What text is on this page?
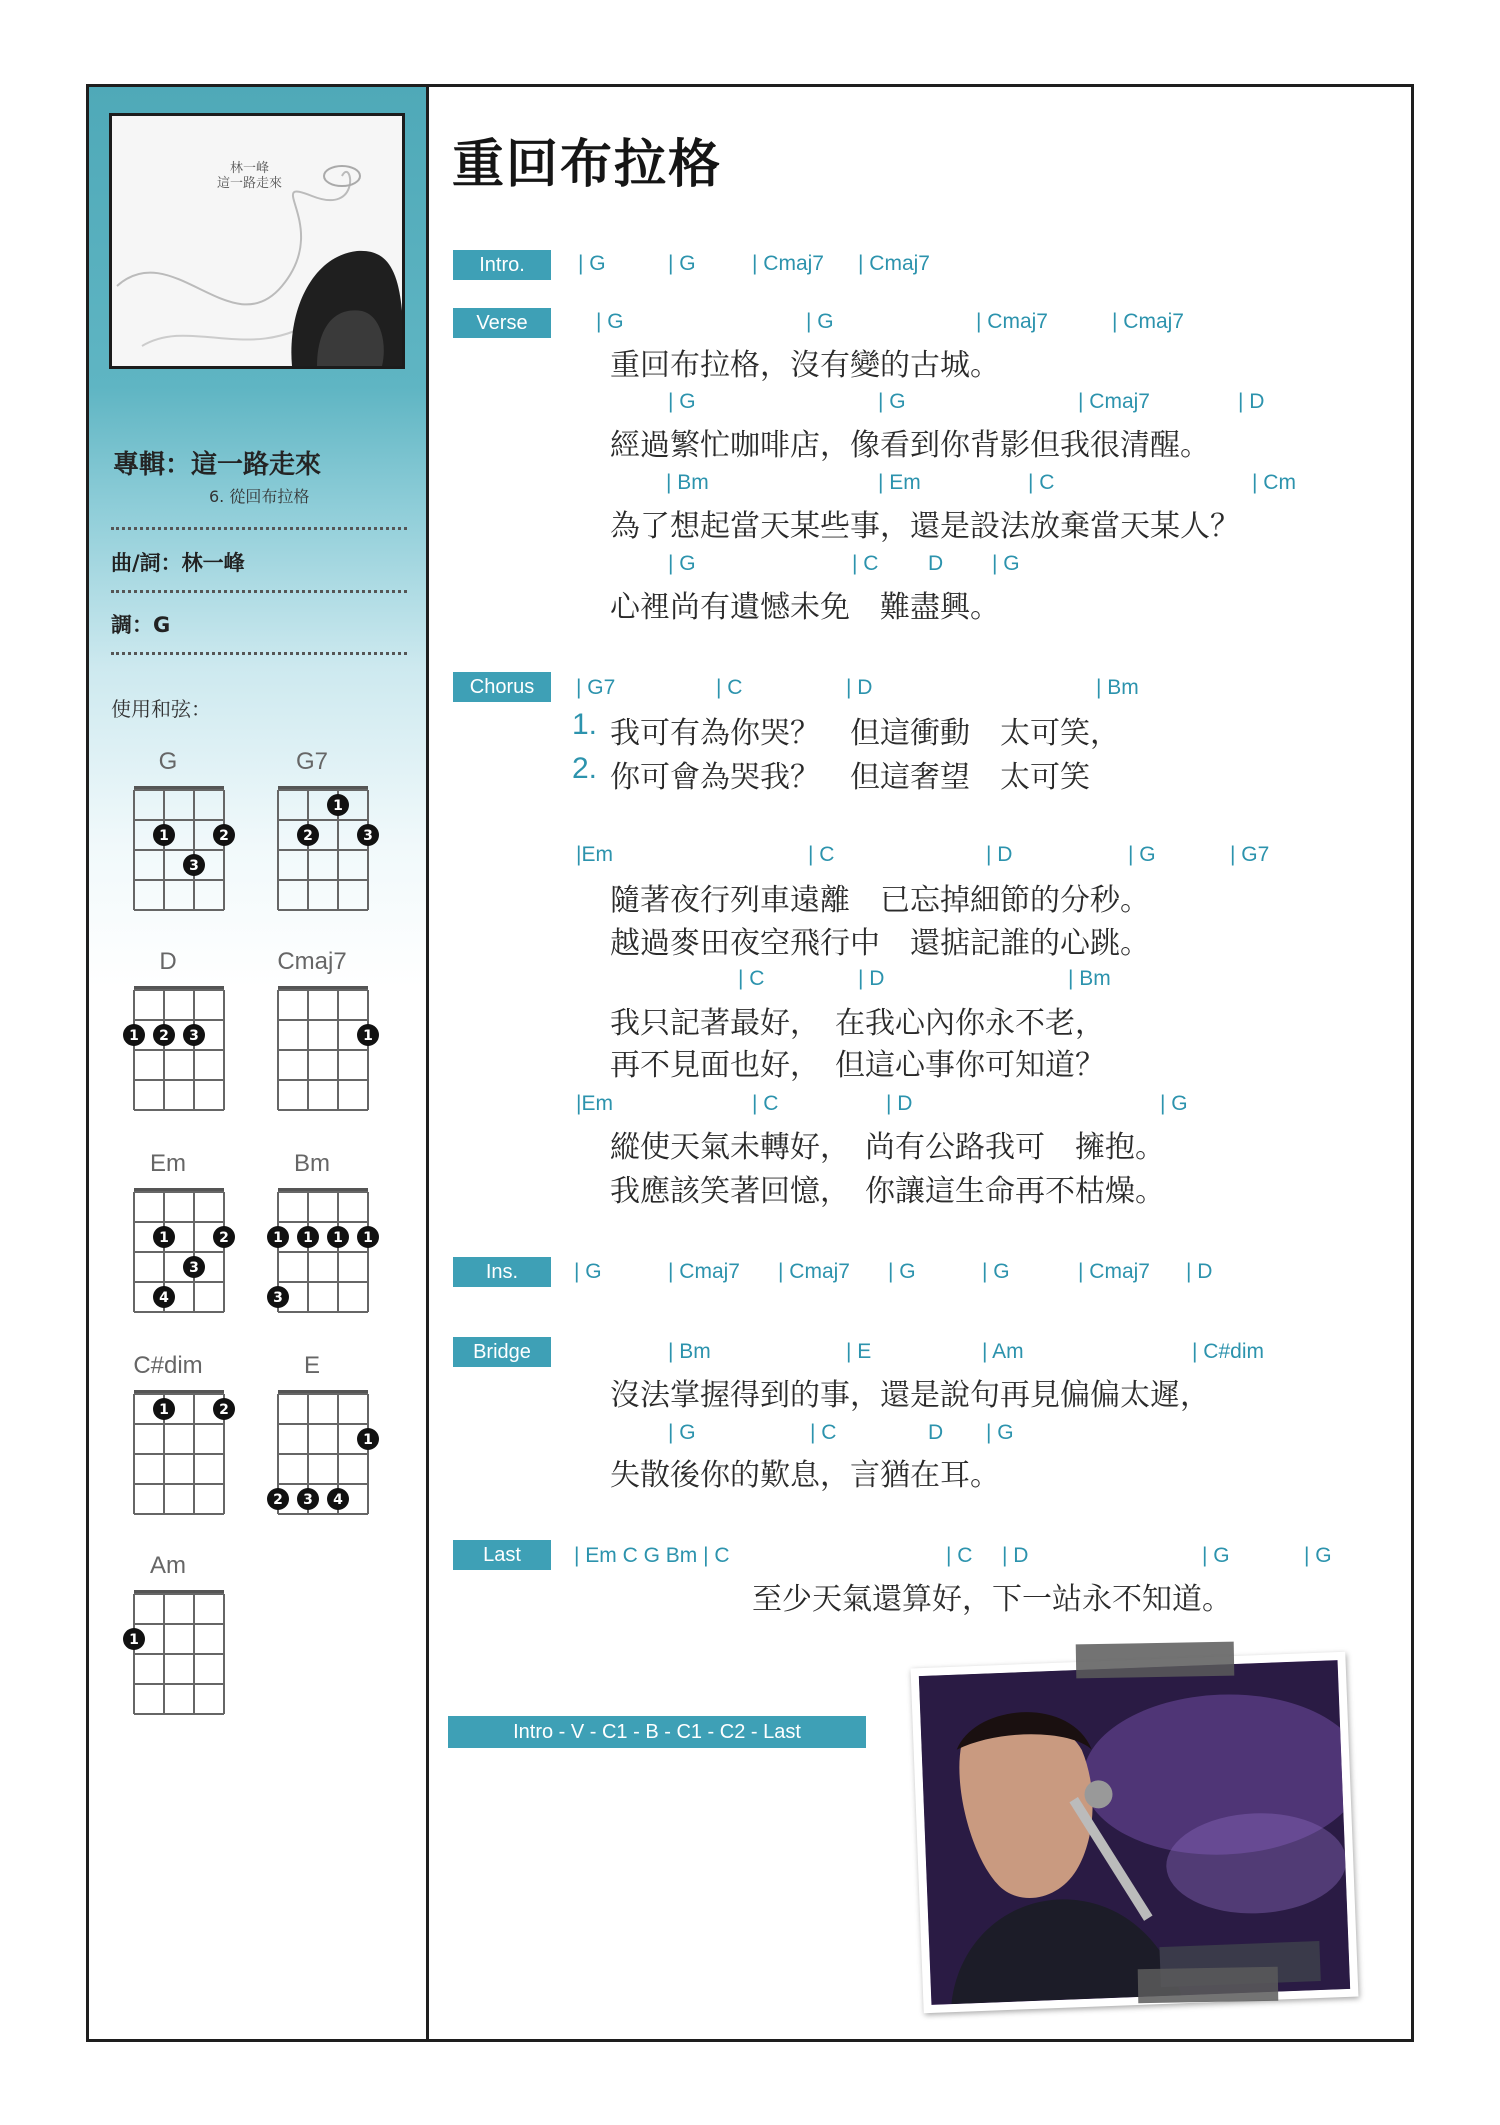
林一峰
這一路走來
專輯：這一路走來
6. 從回布拉格
曲/詞：林一峰
調：G
使用和弦：
G
1	2
3
G7
1
2	3
D
1 2 3
Cmaj7
1
Em
1	2
3
4
Bm
1 1 1 1
3
C#dim
1	2
E
1
2 3 4
Am
1
重回布拉格
Intro.	| G	| G	| Cmaj7 | Cmaj7
Verse	| G	| G	| Cmaj7	| Cmaj7
重回布拉格，沒有變的古城。
| G	| G	| Cmaj7	| D
經過繁忙咖啡店，像看到你背影但我很清醒。
| Bm	| Em	| C	| Cm
為了想起當天某些事，還是設法放棄當天某人？
| G	| C D | G
心裡尚有遺憾未免　難盡興。
Chorus	| G7	| C	| D	| Bm
1. 我可有為你哭？　但這衝動　太可笑，
2. 你可會為哭我？　但這奢望　太可笑
|Em	| C	| D	| G	| G7
隨著夜行列車遠離　已忘掉細節的分秒。
越過麥田夜空飛行中　還掂記誰的心跳。
| C	| D	| Bm
我只記著最好，　在我心內你永不老，
再不見面也好，　但這心事你可知道？
|Em	| C	| D	| G
縱使天氣未轉好，　尚有公路我可　擁抱。
我應該笑著回憶，　你讓這生命再不枯燥。
Ins.	| G	| Cmaj7 | Cmaj7 | G	| G	| Cmaj7 | D
Bridge	| Bm	| E	| Am	| C#dim
沒法掌握得到的事，還是說句再見偏偏太遲，
| G	| C	D | G
失散後你的歎息，言猶在耳。
Last	| Em C G Bm | C	| C | D	| G	| G
至少天氣還算好，下一站永不知道。
Intro - V - C1 - B - C1 - C2 - Last
